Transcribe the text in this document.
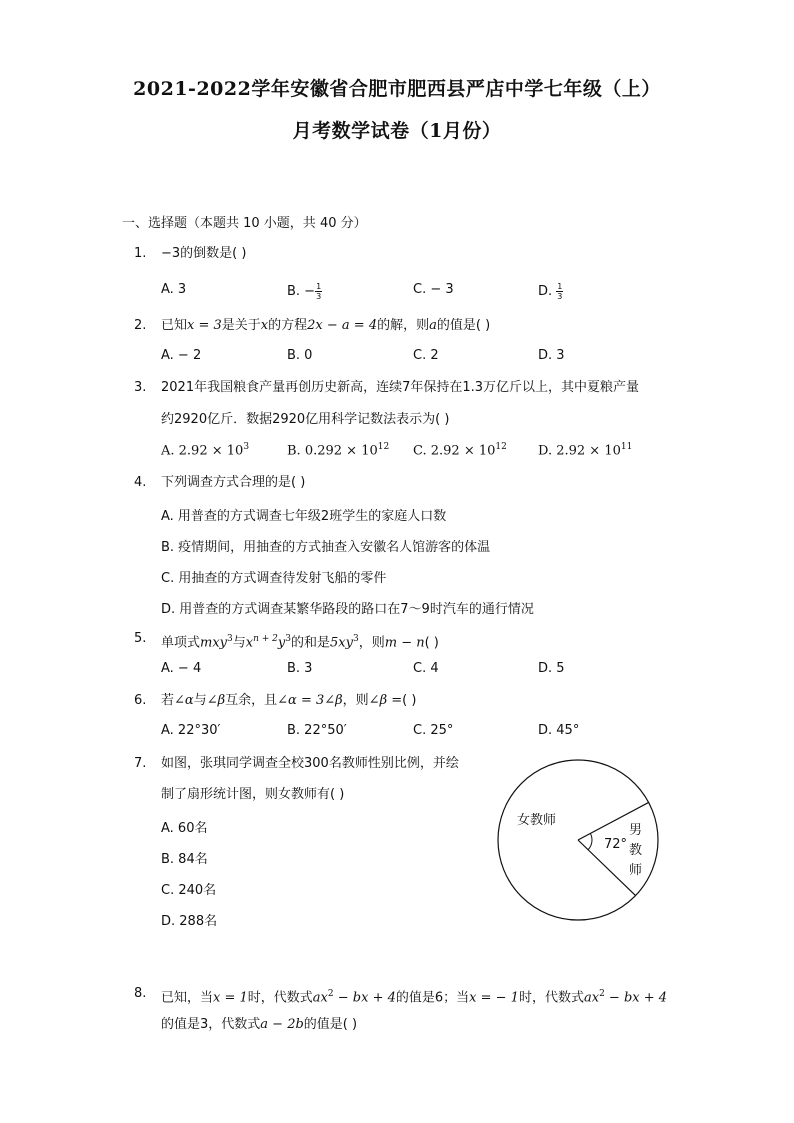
2021-2022学年安徽省合肥市肥西县严店中学七年级（上）
月考数学试卷（1月份）
一、选择题（本题共 10 小题，共 40 分）
1. −3的倒数是( )
A. 3	B. − $\frac{1}{3}$	C. − 3	D. $\frac{1}{3}$
2. 已知x = 3是关于x的方程2x − a = 4的解，则a的值是( )
A. − 2	B. 0	C. 2	D. 3
3. 2021年我国粮食产量再创历史新高，连续7年保持在1.3万亿斤以上，其中夏粮产量
约2920亿斤．数据2920亿用科学记数法表示为( )
A. $2.92 \times 10^3$	B. $0.292 \times 10^{12}$ C. $2.92 \times 10^{12}$ D. $2.92 \times 10^{11}$
4. 下列调查方式合理的是( )
A. 用普查的方式调查七年级2班学生的家庭人口数
B. 疫情期间，用抽查的方式抽查入安徽名人馆游客的体温
C. 用抽查的方式调查待发射飞船的零件
D. 用普查的方式调查某繁华路段的路口在7～9时汽车的通行情况
5. 单项式mxy$^3$与$x^{n + 2}y^3$的和是$5xy^3$，则m − n( )
A. − 4	B. 3	C. 4	D. 5
6. 若∠α与∠β互余，且∠α = 3∠β，则∠β =( )
A. 22°30′	B. 22°50′	C. 25°	D. 45°
7. 如图，张琪同学调查全校300名教师性别比例，并绘
制了扇形统计图，则女教师有( )
A. 60名
B. 84名
C. 240名
D. 288名
女教师
72°
男
教
师
8. 已知，当x = 1时，代数式$ax^2$ − bx + 4的值是6；当x = − 1时，代数式$ax^2$ − bx + 4
的值是3，代数式a − 2b的值是( )
